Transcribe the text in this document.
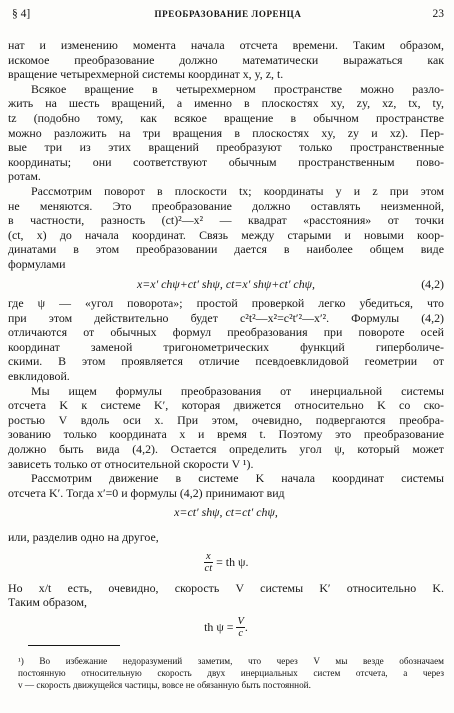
§ 4]	ПРЕОБРАЗОВАНИЕ ЛОРЕНЦА	23
нат и изменению момента начала отсчета времени. Таким образом,
искомое преобразование должно математически выражаться как
вращение четырехмерной системы координат x, y, z, t.
Всякое вращение в четырехмерном пространстве можно разло-
жить на шесть вращений, а именно в плоскостях xy, zy, xz, tx, ty,
tz (подобно тому, как всякое вращение в обычном пространстве
можно разложить на три вращения в плоскостях xy, zy и xz). Пер-
вые три из этих вращений преобразуют только пространственные
координаты; они соответствуют обычным пространственным пово-
ротам.
Рассмотрим поворот в плоскости tx; координаты y и z при этом
не меняются. Это преобразование должно оставлять неизменной,
в частности, разность (ct)²—x² — квадрат «расстояния» от точки
(ct, x) до начала координат. Связь между старыми и новыми коор-
динатами в этом преобразовании дается в наиболее общем виде
формулами
x=x′ chψ+ct′ shψ, ct=x′ shψ+ct′ chψ,	(4,2)
где ψ — «угол поворота»; простой проверкой легко убедиться, что
при этом действительно будет c²t²—x²=c²t′²—x′². Формулы (4,2)
отличаются от обычных формул преобразования при повороте осей
координат заменой тригонометрических функций гиперболиче-
скими. В этом проявляется отличие псевдоевклидовой геометрии от
евклидовой.
Мы ищем формулы преобразования от инерциальной системы
отсчета K к системе K′, которая движется относительно K со ско-
ростью V вдоль оси x. При этом, очевидно, подвергаются преобра-
зованию только координата x и время t. Поэтому это преобразование
должно быть вида (4,2). Остается определить угол ψ, который может
зависеть только от относительной скорости V ¹).
Рассмотрим движение в системе K начала координат системы
отсчета K′. Тогда x′=0 и формулы (4,2) принимают вид
x=ct′ shψ, ct=ct′ chψ,
или, разделив одно на другое,
$\frac{x}{ct}$ = th ψ.
Но x/t есть, очевидно, скорость V системы K′ относительно K.
Таким образом,
th $\psi = \frac{V}{c}$ .
¹) Во избежание недоразумений заметим, что через V мы везде обозначаем
постоянную относительную скорость двух инерциальных систем отсчета, а через
v — скорость движущейся частицы, вовсе не обязанную быть постоянной.
